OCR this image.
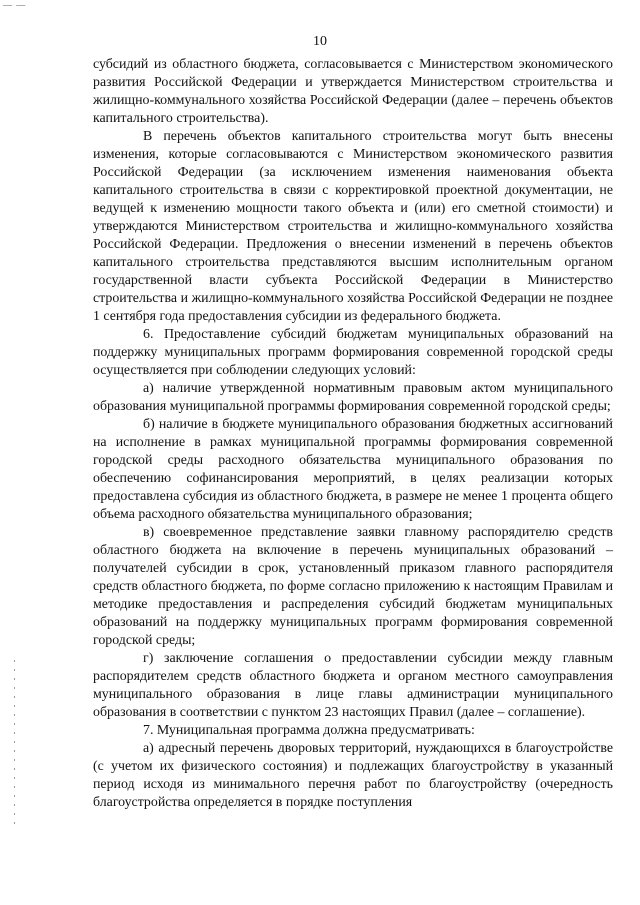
— —
10

субсидий из областного бюджета, согласовывается с Министерством экономического развития Российской Федерации и утверждается Министерством строительства и жилищно-коммунального хозяйства Российской Федерации (далее – перечень объектов капитального строительства).

В перечень объектов капитального строительства могут быть внесены изменения, которые согласовываются с Министерством экономического развития Российской Федерации (за исключением изменения наименования объекта капитального строительства в связи с корректировкой проектной документации, не ведущей к изменению мощности такого объекта и (или) его сметной стоимости) и утверждаются Министерством строительства и жилищно-коммунального хозяйства Российской Федерации. Предложения о внесении изменений в перечень объектов капитального строительства представляются высшим исполнительным органом государственной власти субъекта Российской Федерации в Министерство строительства и жилищно-коммунального хозяйства Российской Федерации не позднее 1 сентября года предоставления субсидии из федерального бюджета.

6. Предоставление субсидий бюджетам муниципальных образований на поддержку муниципальных программ формирования современной городской среды осуществляется при соблюдении следующих условий:

а) наличие утвержденной нормативным правовым актом муниципального образования муниципальной программы формирования современной городской среды;

б) наличие в бюджете муниципального образования бюджетных ассигнований на исполнение в рамках муниципальной программы формирования современной городской среды расходного обязательства муниципального образования по обеспечению софинансирования мероприятий, в целях реализации которых предоставлена субсидия из областного бюджета, в размере не менее 1 процента общего объема расходного обязательства муниципального образования;

в) своевременное представление заявки главному распорядителю средств областного бюджета на включение в перечень муниципальных образований – получателей субсидии в срок, установленный приказом главного распорядителя средств областного бюджета, по форме согласно приложению к настоящим Правилам и методике предоставления и распределения субсидий бюджетам муниципальных образований на поддержку муниципальных программ формирования современной городской среды;

г) заключение соглашения о предоставлении субсидии между главным распорядителем средств областного бюджета и органом местного самоуправления муниципального образования в лице главы администрации муниципального образования в соответствии с пунктом 23 настоящих Правил (далее – соглашение).

7. Муниципальная программа должна предусматривать:

а) адресный перечень дворовых территорий, нуждающихся в благоустройстве (с учетом их физического состояния) и подлежащих благоустройству в указанный период исходя из минимального перечня работ по благоустройству (очередность благоустройства определяется в порядке поступления
